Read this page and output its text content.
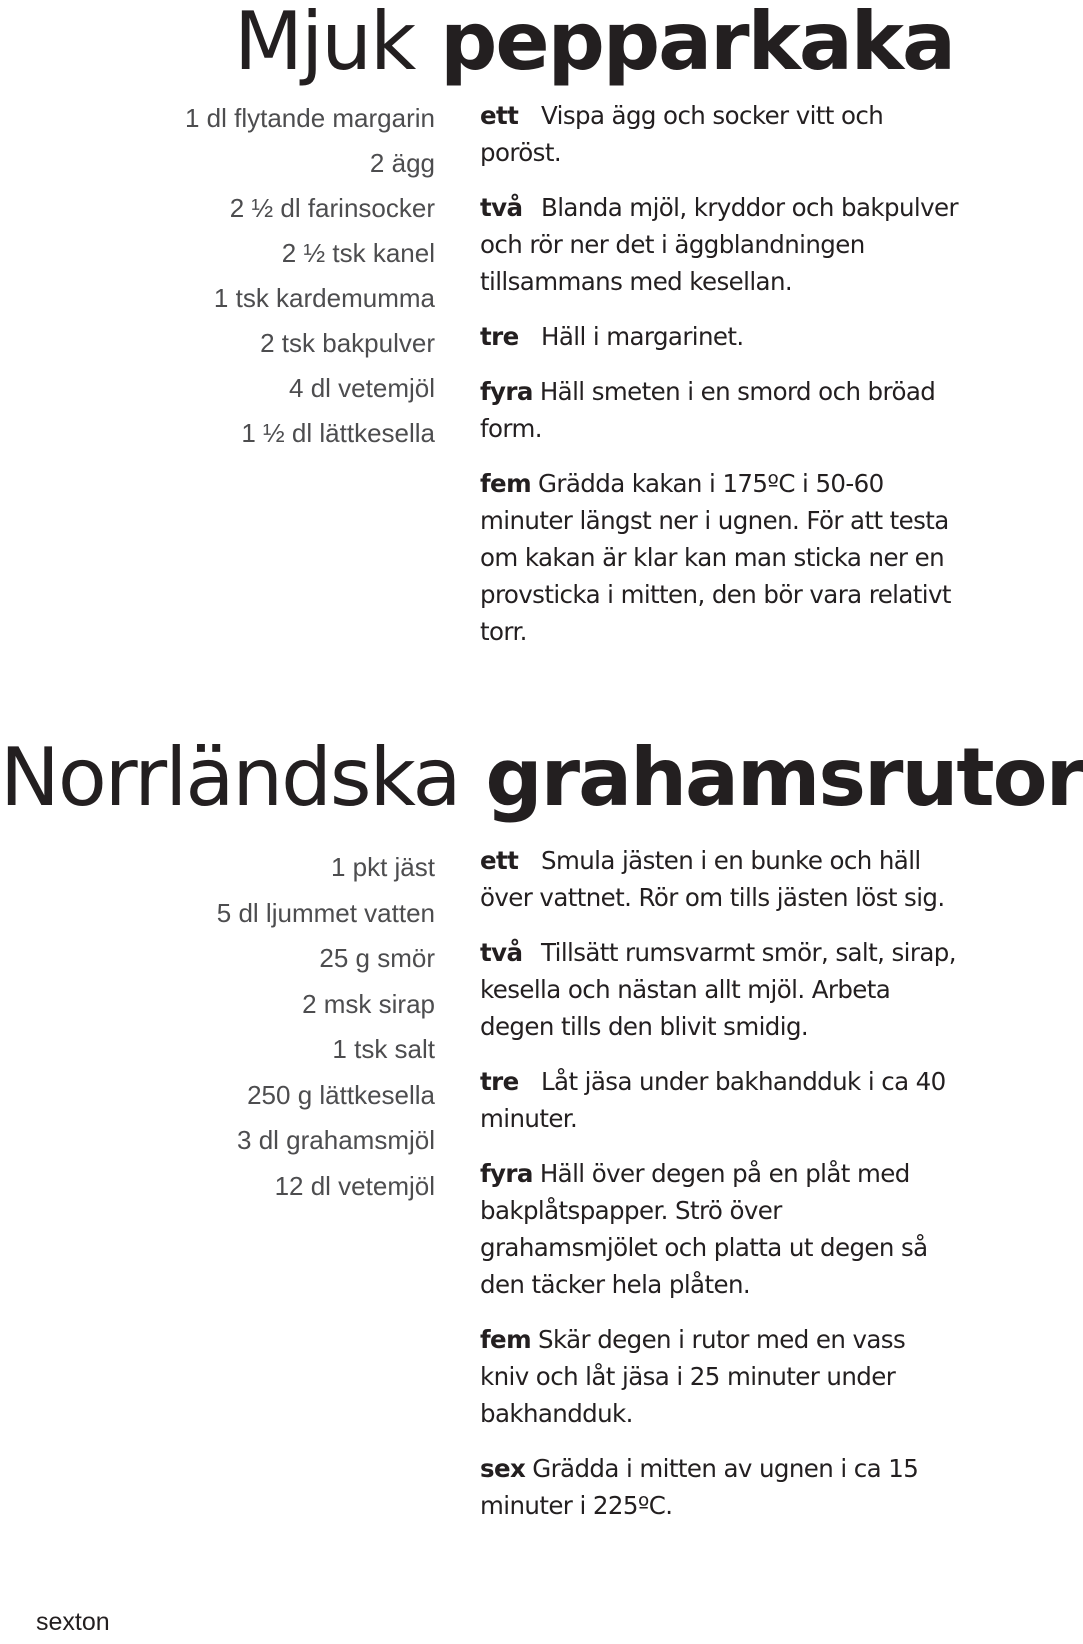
Mjuk pepparkaka
1 dl flytande margarin
2 ägg
2 ½ dl farinsocker
2 ½ tsk kanel
1 tsk kardemumma
2 tsk bakpulver
4 dl vetemjöl
1 ½ dl lättkesella
ett Vispa ägg och socker vitt och poröst.
två Blanda mjöl, kryddor och bakpulver och rör ner det i äggblandningen tillsammans med kesellan.
tre Häll i margarinet.
fyra Häll smeten i en smord och bröad form.
fem Grädda kakan i 175ºC i 50-60 minuter längst ner i ugnen. För att testa om kakan är klar kan man sticka ner en provsticka i mitten, den bör vara relativt torr.
Norrländska grahamsrutor
1 pkt jäst
5 dl ljummet vatten
25 g smör
2 msk sirap
1 tsk salt
250 g lättkesella
3 dl grahamsmjöl
12 dl vetemjöl
ett Smula jästen i en bunke och häll över vattnet. Rör om tills jästen löst sig.
två Tillsätt rumsvarmt smör, salt, sirap, kesella och nästan allt mjöl. Arbeta degen tills den blivit smidig.
tre Låt jäsa under bakhandduk i ca 40 minuter.
fyra Häll över degen på en plåt med bakplåtspapper. Strö över grahamsmjölet och platta ut degen så den täcker hela plåten.
fem Skär degen i rutor med en vass kniv och låt jäsa i 25 minuter under bakhandduk.
sex Grädda i mitten av ugnen i ca 15 minuter i 225ºC.
sexton
